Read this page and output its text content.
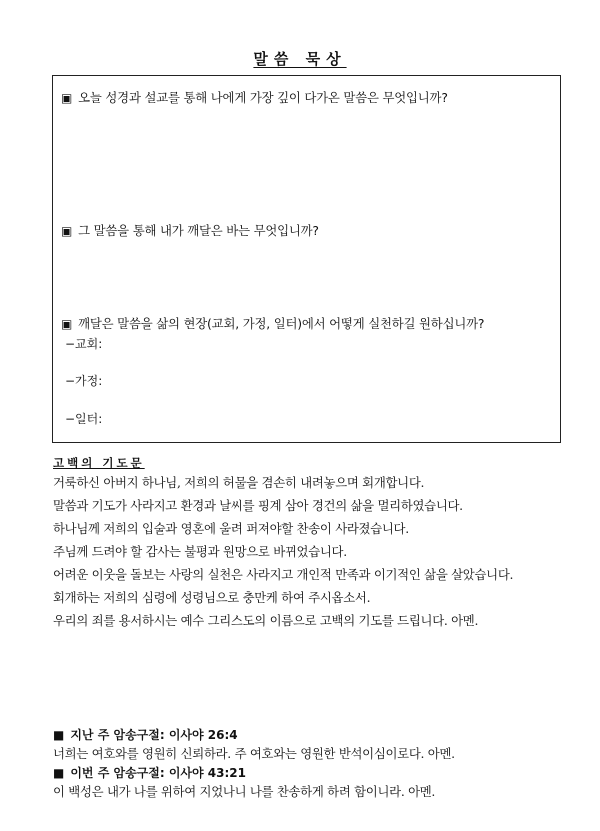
말씀 묵상
▣ 오늘 성경과 설교를 통해 나에게 가장 깊이 다가온 말씀은 무엇입니까?
▣ 그 말씀을 통해 내가 깨달은 바는 무엇입니까?
▣ 깨달은 말씀을 삶의 현장(교회, 가정, 일터)에서 어떻게 실천하길 원하십니까?
−교회:
−가정:
−일터:
고백의 기도문
거룩하신 아버지 하나님, 저희의 허물을 겸손히 내려놓으며 회개합니다.
말씀과 기도가 사라지고 환경과 날씨를 핑계 삼아 경건의 삶을 멀리하였습니다.
하나님께 저희의 입술과 영혼에 울려 퍼져야할 찬송이 사라졌습니다.
주님께 드려야 할 감사는 불평과 원망으로 바뀌었습니다.
어려운 이웃을 돌보는 사랑의 실천은 사라지고 개인적 만족과 이기적인 삶을 살았습니다.
회개하는 저희의 심령에 성령님으로 충만케 하여 주시옵소서.
우리의 죄를 용서하시는 예수 그리스도의 이름으로 고백의 기도를 드립니다. 아멘.
■ 지난 주 암송구절: 이사야 26:4
너희는 여호와를 영원히 신뢰하라. 주 여호와는 영원한 반석이심이로다. 아멘.
■ 이번 주 암송구절: 이사야 43:21
이 백성은 내가 나를 위하여 지었나니 나를 찬송하게 하려 함이니라. 아멘.
